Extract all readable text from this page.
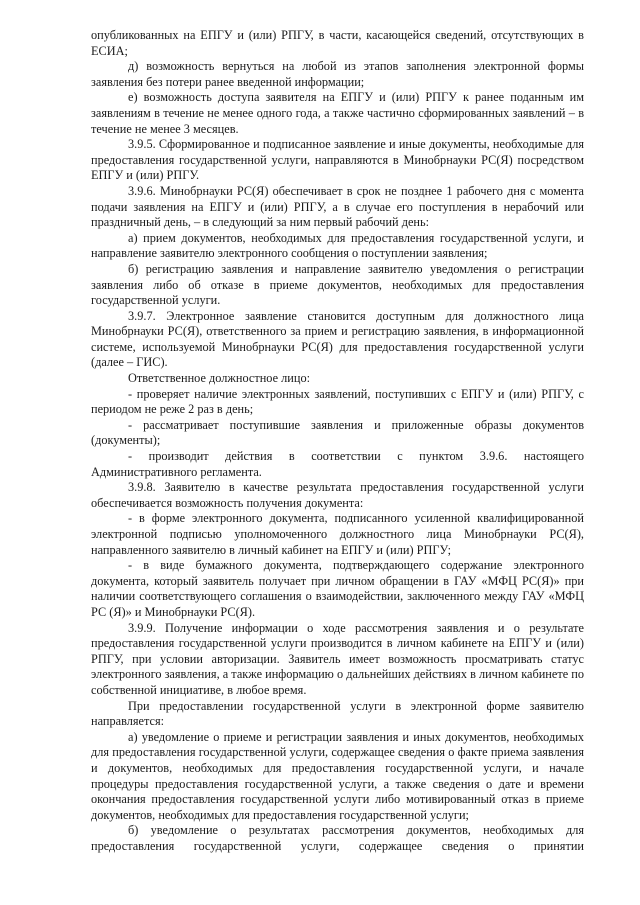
опубликованных на ЕПГУ и (или) РПГУ, в части, касающейся сведений, отсутствующих в ЕСИА;

д) возможность вернуться на любой из этапов заполнения электронной формы заявления без потери ранее введенной информации;

е) возможность доступа заявителя на ЕПГУ и (или) РПГУ к ранее поданным им заявлениям в течение не менее одного года, а также частично сформированных заявлений – в течение не менее 3 месяцев.

3.9.5. Сформированное и подписанное заявление и иные документы, необходимые для предоставления государственной услуги, направляются в Минобрнауки РС(Я) посредством ЕПГУ и (или) РПГУ.

3.9.6. Минобрнауки РС(Я) обеспечивает в срок не позднее 1 рабочего дня с момента подачи заявления на ЕПГУ и (или) РПГУ, а в случае его поступления в нерабочий или праздничный день, – в следующий за ним первый рабочий день:

а) прием документов, необходимых для предоставления государственной услуги, и направление заявителю электронного сообщения о поступлении заявления;

б) регистрацию заявления и направление заявителю уведомления о регистрации заявления либо об отказе в приеме документов, необходимых для предоставления государственной услуги.

3.9.7. Электронное заявление становится доступным для должностного лица Минобрнауки РС(Я), ответственного за прием и регистрацию заявления, в информационной системе, используемой Минобрнауки РС(Я) для предоставления государственной услуги (далее – ГИС).

Ответственное должностное лицо:

- проверяет наличие электронных заявлений, поступивших с ЕПГУ и (или) РПГУ, с периодом не реже 2 раз в день;

- рассматривает поступившие заявления и приложенные образы документов (документы);

- производит действия в соответствии с пунктом 3.9.6. настоящего Административного регламента.

3.9.8. Заявителю в качестве результата предоставления государственной услуги обеспечивается возможность получения документа:

- в форме электронного документа, подписанного усиленной квалифицированной электронной подписью уполномоченного должностного лица Минобрнауки РС(Я), направленного заявителю в личный кабинет на ЕПГУ и (или) РПГУ;

- в виде бумажного документа, подтверждающего содержание электронного документа, который заявитель получает при личном обращении в ГАУ «МФЦ РС(Я)» при наличии соответствующего соглашения о взаимодействии, заключенного между ГАУ «МФЦ РС (Я)» и Минобрнауки РС(Я).

3.9.9. Получение информации о ходе рассмотрения заявления и о результате предоставления государственной услуги производится в личном кабинете на ЕПГУ и (или) РПГУ, при условии авторизации. Заявитель имеет возможность просматривать статус электронного заявления, а также информацию о дальнейших действиях в личном кабинете по собственной инициативе, в любое время.

При предоставлении государственной услуги в электронной форме заявителю направляется:

а) уведомление о приеме и регистрации заявления и иных документов, необходимых для предоставления государственной услуги, содержащее сведения о факте приема заявления и документов, необходимых для предоставления государственной услуги, и начале процедуры предоставления государственной услуги, а также сведения о дате и времени окончания предоставления государственной услуги либо мотивированный отказ в приеме документов, необходимых для предоставления государственной услуги;

б) уведомление о результатах рассмотрения документов, необходимых для предоставления государственной услуги, содержащее сведения о принятии
